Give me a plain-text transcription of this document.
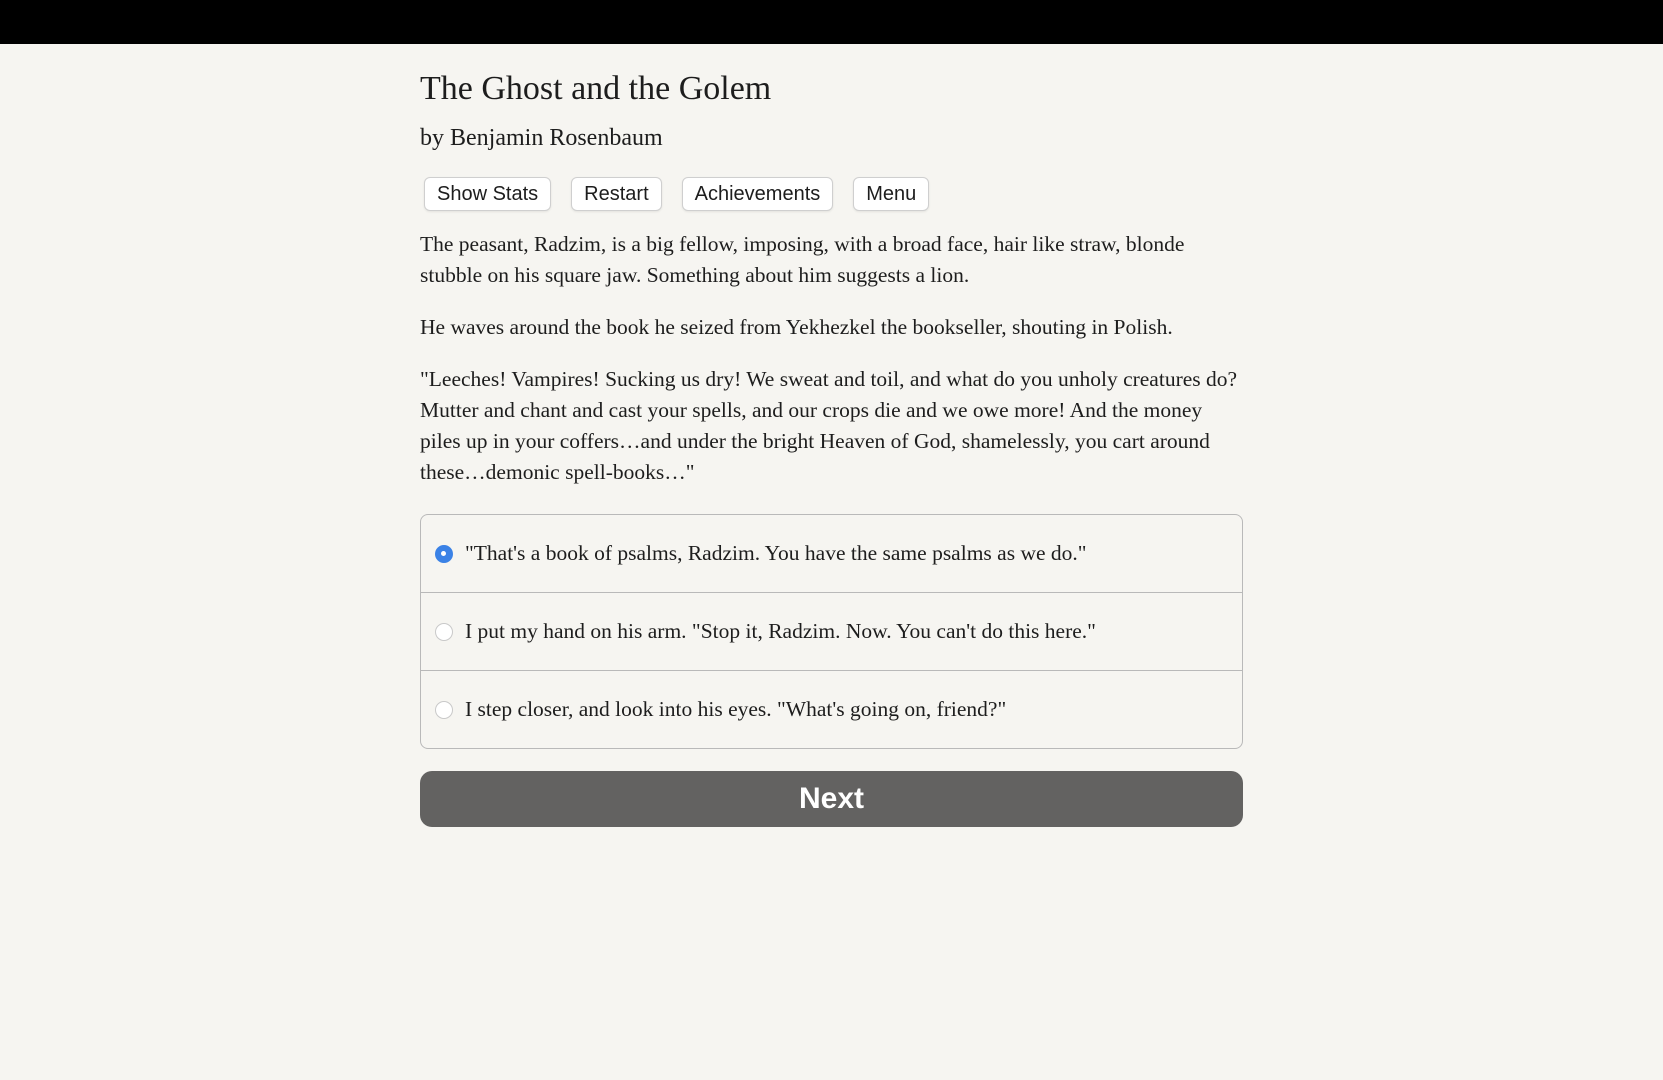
The Ghost and the Golem
by Benjamin Rosenbaum
Show Stats	Restart	Achievements	Menu

The peasant, Radzim, is a big fellow, imposing, with a broad face, hair like straw, blonde stubble on his square jaw. Something about him suggests a lion.

He waves around the book he seized from Yekhezkel the bookseller, shouting in Polish.

"Leeches! Vampires! Sucking us dry! We sweat and toil, and what do you unholy creatures do? Mutter and chant and cast your spells, and our crops die and we owe more! And the money piles up in your coffers…and under the bright Heaven of God, shamelessly, you cart around these…demonic spell-books…"

"That's a book of psalms, Radzim. You have the same psalms as we do."
I put my hand on his arm. "Stop it, Radzim. Now. You can't do this here."
I step closer, and look into his eyes. "What's going on, friend?"
Next
